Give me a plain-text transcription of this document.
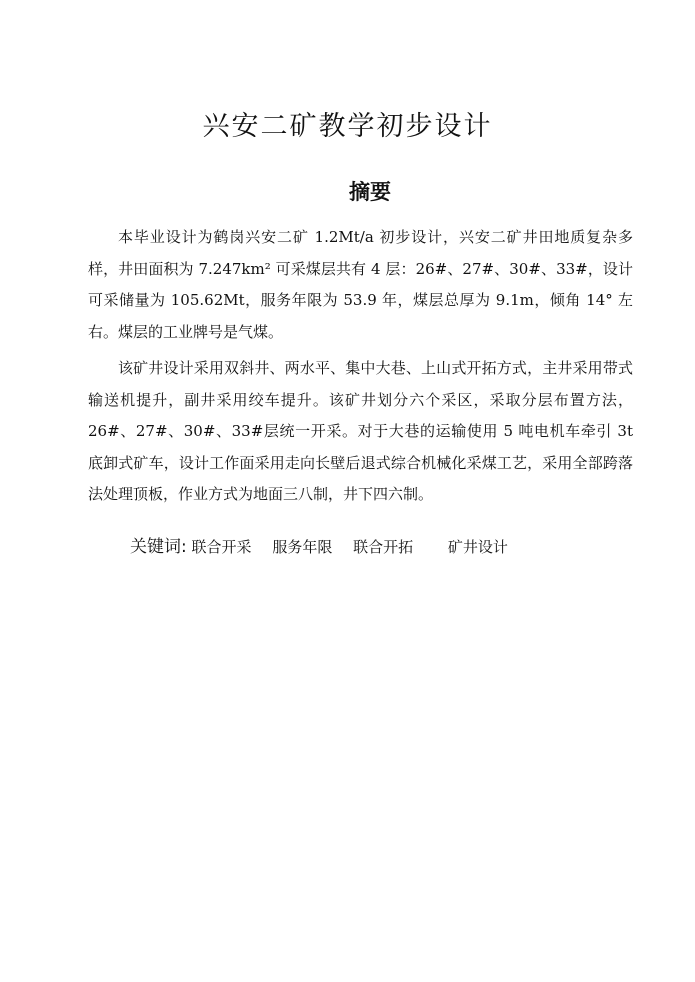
兴安二矿教学初步设计
摘要

本毕业设计为鹤岗兴安二矿 1.2Mt/a 初步设计，兴安二矿井田地质复杂多样，井田面积为 7.247km² 可采煤层共有 4 层：26#、27#、30#、33#，设计可采储量为 105.62Mt，服务年限为 53.9 年，煤层总厚为 9.1m，倾角 14° 左右。煤层的工业牌号是气煤。

该矿井设计采用双斜井、两水平、集中大巷、上山式开拓方式，主井采用带式输送机提升，副井采用绞车提升。该矿井划分六个采区，采取分层布置方法，26#、27#、30#、33#层统一开采。对于大巷的运输使用 5 吨电机车牵引 3t 底卸式矿车，设计工作面采用走向长壁后退式综合机械化采煤工艺，采用全部跨落法处理顶板，作业方式为地面三八制，井下四六制。

关键词: 联合开采 服务年限 联合开拓 矿井设计
